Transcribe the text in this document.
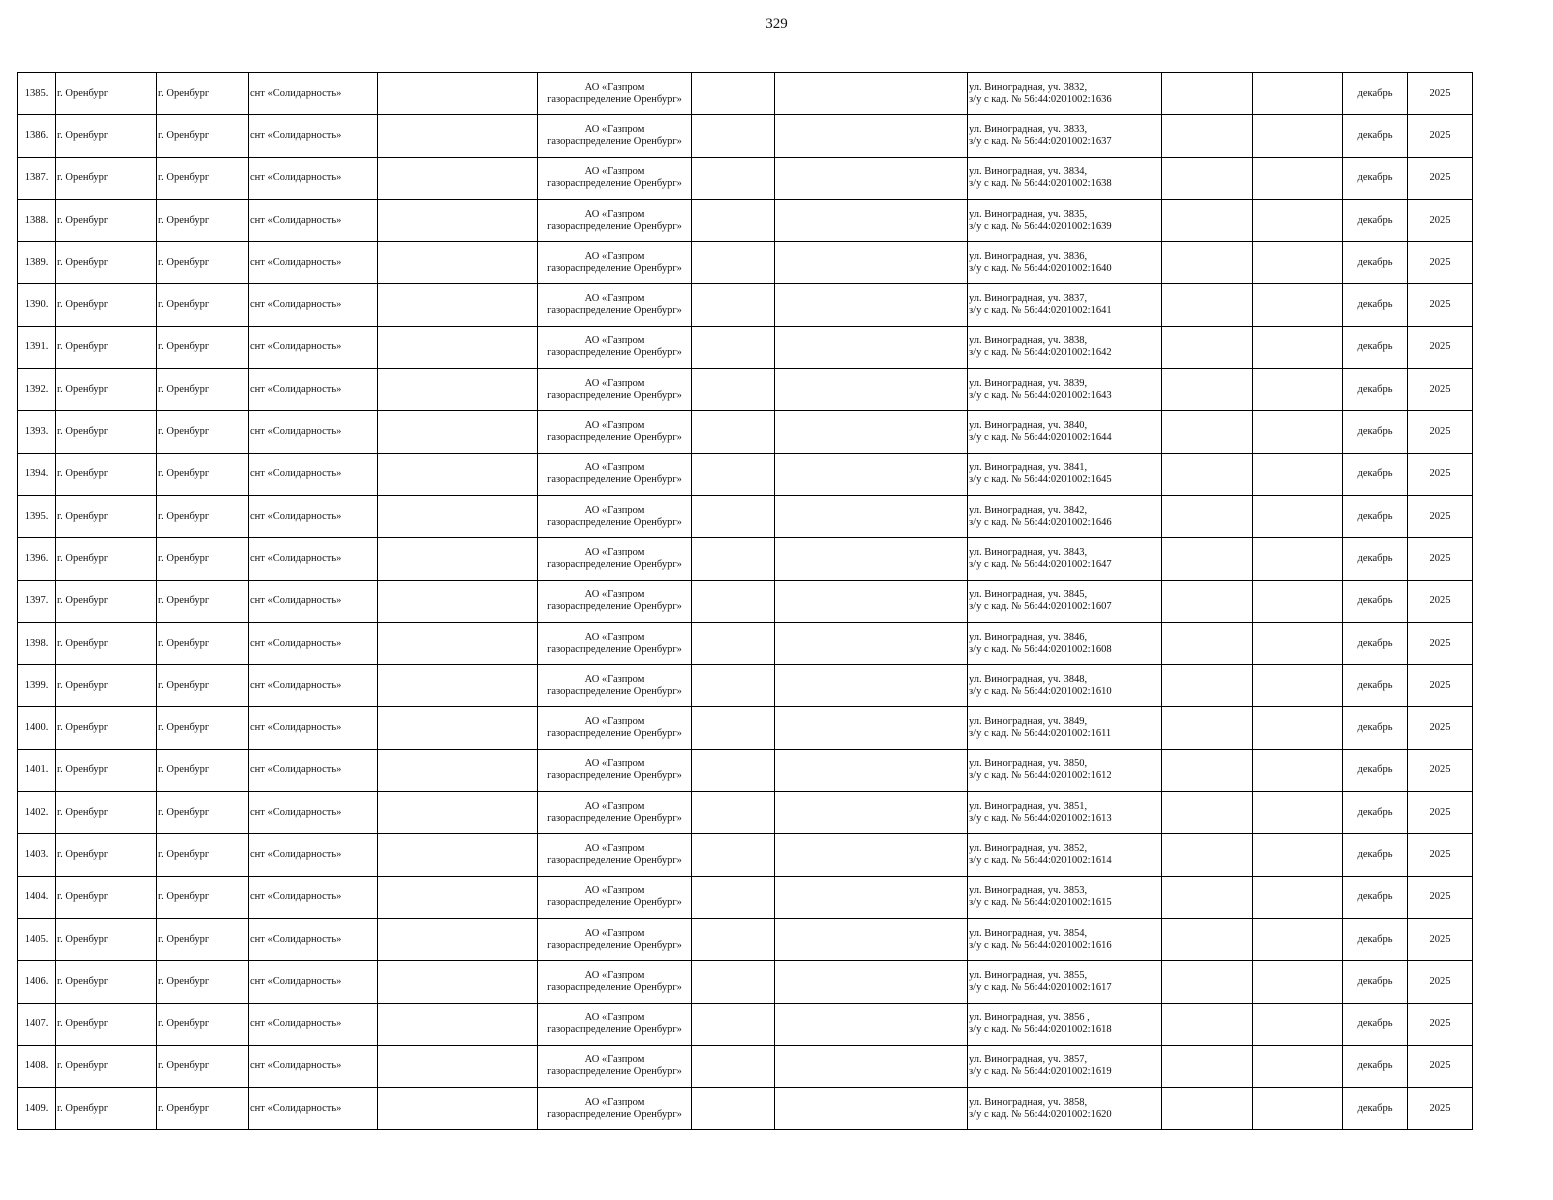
329
1385.	г. Оренбург	г. Оренбург	снт «Солидарность»		АО «Газпром
газораспределение Оренбург»			ул. Виноградная, уч. 3832,
з/у с кад. № 56:44:0201002:1636			декабрь	2025
1386.	г. Оренбург	г. Оренбург	снт «Солидарность»		АО «Газпром
газораспределение Оренбург»			ул. Виноградная, уч. 3833,
з/у с кад. № 56:44:0201002:1637			декабрь	2025
1387.	г. Оренбург	г. Оренбург	снт «Солидарность»		АО «Газпром
газораспределение Оренбург»			ул. Виноградная, уч. 3834,
з/у с кад. № 56:44:0201002:1638			декабрь	2025
1388.	г. Оренбург	г. Оренбург	снт «Солидарность»		АО «Газпром
газораспределение Оренбург»			ул. Виноградная, уч. 3835,
з/у с кад. № 56:44:0201002:1639			декабрь	2025
1389.	г. Оренбург	г. Оренбург	снт «Солидарность»		АО «Газпром
газораспределение Оренбург»			ул. Виноградная, уч. 3836,
з/у с кад. № 56:44:0201002:1640			декабрь	2025
1390.	г. Оренбург	г. Оренбург	снт «Солидарность»		АО «Газпром
газораспределение Оренбург»			ул. Виноградная, уч. 3837,
з/у с кад. № 56:44:0201002:1641			декабрь	2025
1391.	г. Оренбург	г. Оренбург	снт «Солидарность»		АО «Газпром
газораспределение Оренбург»			ул. Виноградная, уч. 3838,
з/у с кад. № 56:44:0201002:1642			декабрь	2025
1392.	г. Оренбург	г. Оренбург	снт «Солидарность»		АО «Газпром
газораспределение Оренбург»			ул. Виноградная, уч. 3839,
з/у с кад. № 56:44:0201002:1643			декабрь	2025
1393.	г. Оренбург	г. Оренбург	снт «Солидарность»		АО «Газпром
газораспределение Оренбург»			ул. Виноградная, уч. 3840,
з/у с кад. № 56:44:0201002:1644			декабрь	2025
1394.	г. Оренбург	г. Оренбург	снт «Солидарность»		АО «Газпром
газораспределение Оренбург»			ул. Виноградная, уч. 3841,
з/у с кад. № 56:44:0201002:1645			декабрь	2025
1395.	г. Оренбург	г. Оренбург	снт «Солидарность»		АО «Газпром
газораспределение Оренбург»			ул. Виноградная, уч. 3842,
з/у с кад. № 56:44:0201002:1646			декабрь	2025
1396.	г. Оренбург	г. Оренбург	снт «Солидарность»		АО «Газпром
газораспределение Оренбург»			ул. Виноградная, уч. 3843,
з/у с кад. № 56:44:0201002:1647			декабрь	2025
1397.	г. Оренбург	г. Оренбург	снт «Солидарность»		АО «Газпром
газораспределение Оренбург»			ул. Виноградная, уч. 3845,
з/у с кад. № 56:44:0201002:1607			декабрь	2025
1398.	г. Оренбург	г. Оренбург	снт «Солидарность»		АО «Газпром
газораспределение Оренбург»			ул. Виноградная, уч. 3846,
з/у с кад. № 56:44:0201002:1608			декабрь	2025
1399.	г. Оренбург	г. Оренбург	снт «Солидарность»		АО «Газпром
газораспределение Оренбург»			ул. Виноградная, уч. 3848,
з/у с кад. № 56:44:0201002:1610			декабрь	2025
1400.	г. Оренбург	г. Оренбург	снт «Солидарность»		АО «Газпром
газораспределение Оренбург»			ул. Виноградная, уч. 3849,
з/у с кад. № 56:44:0201002:1611			декабрь	2025
1401.	г. Оренбург	г. Оренбург	снт «Солидарность»		АО «Газпром
газораспределение Оренбург»			ул. Виноградная, уч. 3850,
з/у с кад. № 56:44:0201002:1612			декабрь	2025
1402.	г. Оренбург	г. Оренбург	снт «Солидарность»		АО «Газпром
газораспределение Оренбург»			ул. Виноградная, уч. 3851,
з/у с кад. № 56:44:0201002:1613			декабрь	2025
1403.	г. Оренбург	г. Оренбург	снт «Солидарность»		АО «Газпром
газораспределение Оренбург»			ул. Виноградная, уч. 3852,
з/у с кад. № 56:44:0201002:1614			декабрь	2025
1404.	г. Оренбург	г. Оренбург	снт «Солидарность»		АО «Газпром
газораспределение Оренбург»			ул. Виноградная, уч. 3853,
з/у с кад. № 56:44:0201002:1615			декабрь	2025
1405.	г. Оренбург	г. Оренбург	снт «Солидарность»		АО «Газпром
газораспределение Оренбург»			ул. Виноградная, уч. 3854,
з/у с кад. № 56:44:0201002:1616			декабрь	2025
1406.	г. Оренбург	г. Оренбург	снт «Солидарность»		АО «Газпром
газораспределение Оренбург»			ул. Виноградная, уч. 3855,
з/у с кад. № 56:44:0201002:1617			декабрь	2025
1407.	г. Оренбург	г. Оренбург	снт «Солидарность»		АО «Газпром
газораспределение Оренбург»			ул. Виноградная, уч. 3856 ,
з/у с кад. № 56:44:0201002:1618			декабрь	2025
1408.	г. Оренбург	г. Оренбург	снт «Солидарность»		АО «Газпром
газораспределение Оренбург»			ул. Виноградная, уч. 3857,
з/у с кад. № 56:44:0201002:1619			декабрь	2025
1409.	г. Оренбург	г. Оренбург	снт «Солидарность»		АО «Газпром
газораспределение Оренбург»			ул. Виноградная, уч. 3858,
з/у с кад. № 56:44:0201002:1620			декабрь	2025
